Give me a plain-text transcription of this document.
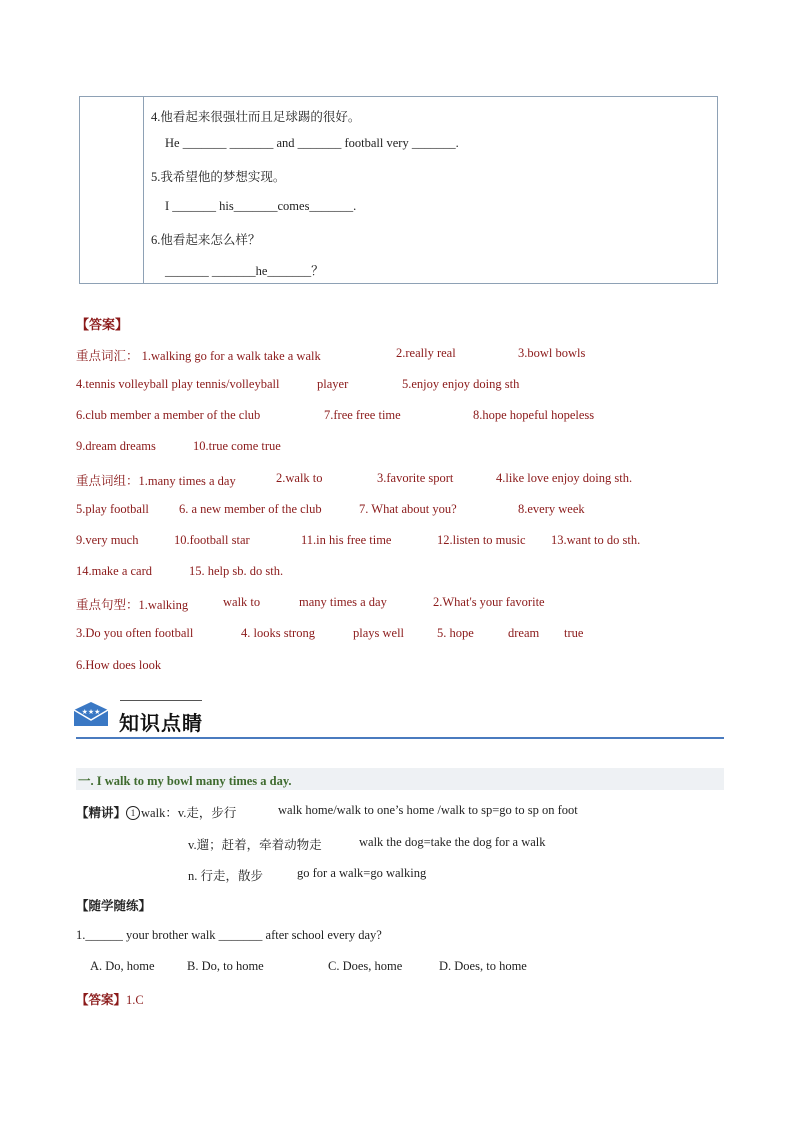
4.他看起来很强壮而且足球踢的很好。
He _______ _______ and _______ football very _______.
5.我希望他的梦想实现。
I _______ his_______comes_______.
6.他看起来怎么样？
_______ _______he_______？
【答案】
重点词汇： 1.walking go for a walk take a walk	2.really real	3.bowl bowls
4.tennis volleyball play tennis/volleyball	player	5.enjoy enjoy doing sth
6.club member a member of the club	7.free free time	8.hope hopeful hopeless
9.dream dreams	10.true come true
重点词组：1.many times a day	2.walk to	3.favorite sport	4.like love enjoy doing sth.
5.play football 6. a new member of the club	7. What about you?	8.every week
9.very much	10.football star	11.in his free time	12.listen to music 13.want to do sth.
14.make a card	15. help sb. do sth.
重点句型：1.walking	walk to	many times a day	2.What's your favorite
3.Do you often football	4. looks strong	plays well	5. hope	dream true
6.How does look
★★★ 知识点睛
一. I walk to my bowl many times a day.
【精讲】 1 walk：v.走，步行	walk home/walk to one’s home /walk to sp=go to sp on foot
v.遛；赶着，牵着动物走	walk the dog=take the dog for a walk
n. 行走，散步	go for a walk=go walking
【随学随练】
1.______ your brother walk _______ after school every day?
A. Do, home	B. Do, to home	C. Does, home	D. Does, to home
【答案】1.C
